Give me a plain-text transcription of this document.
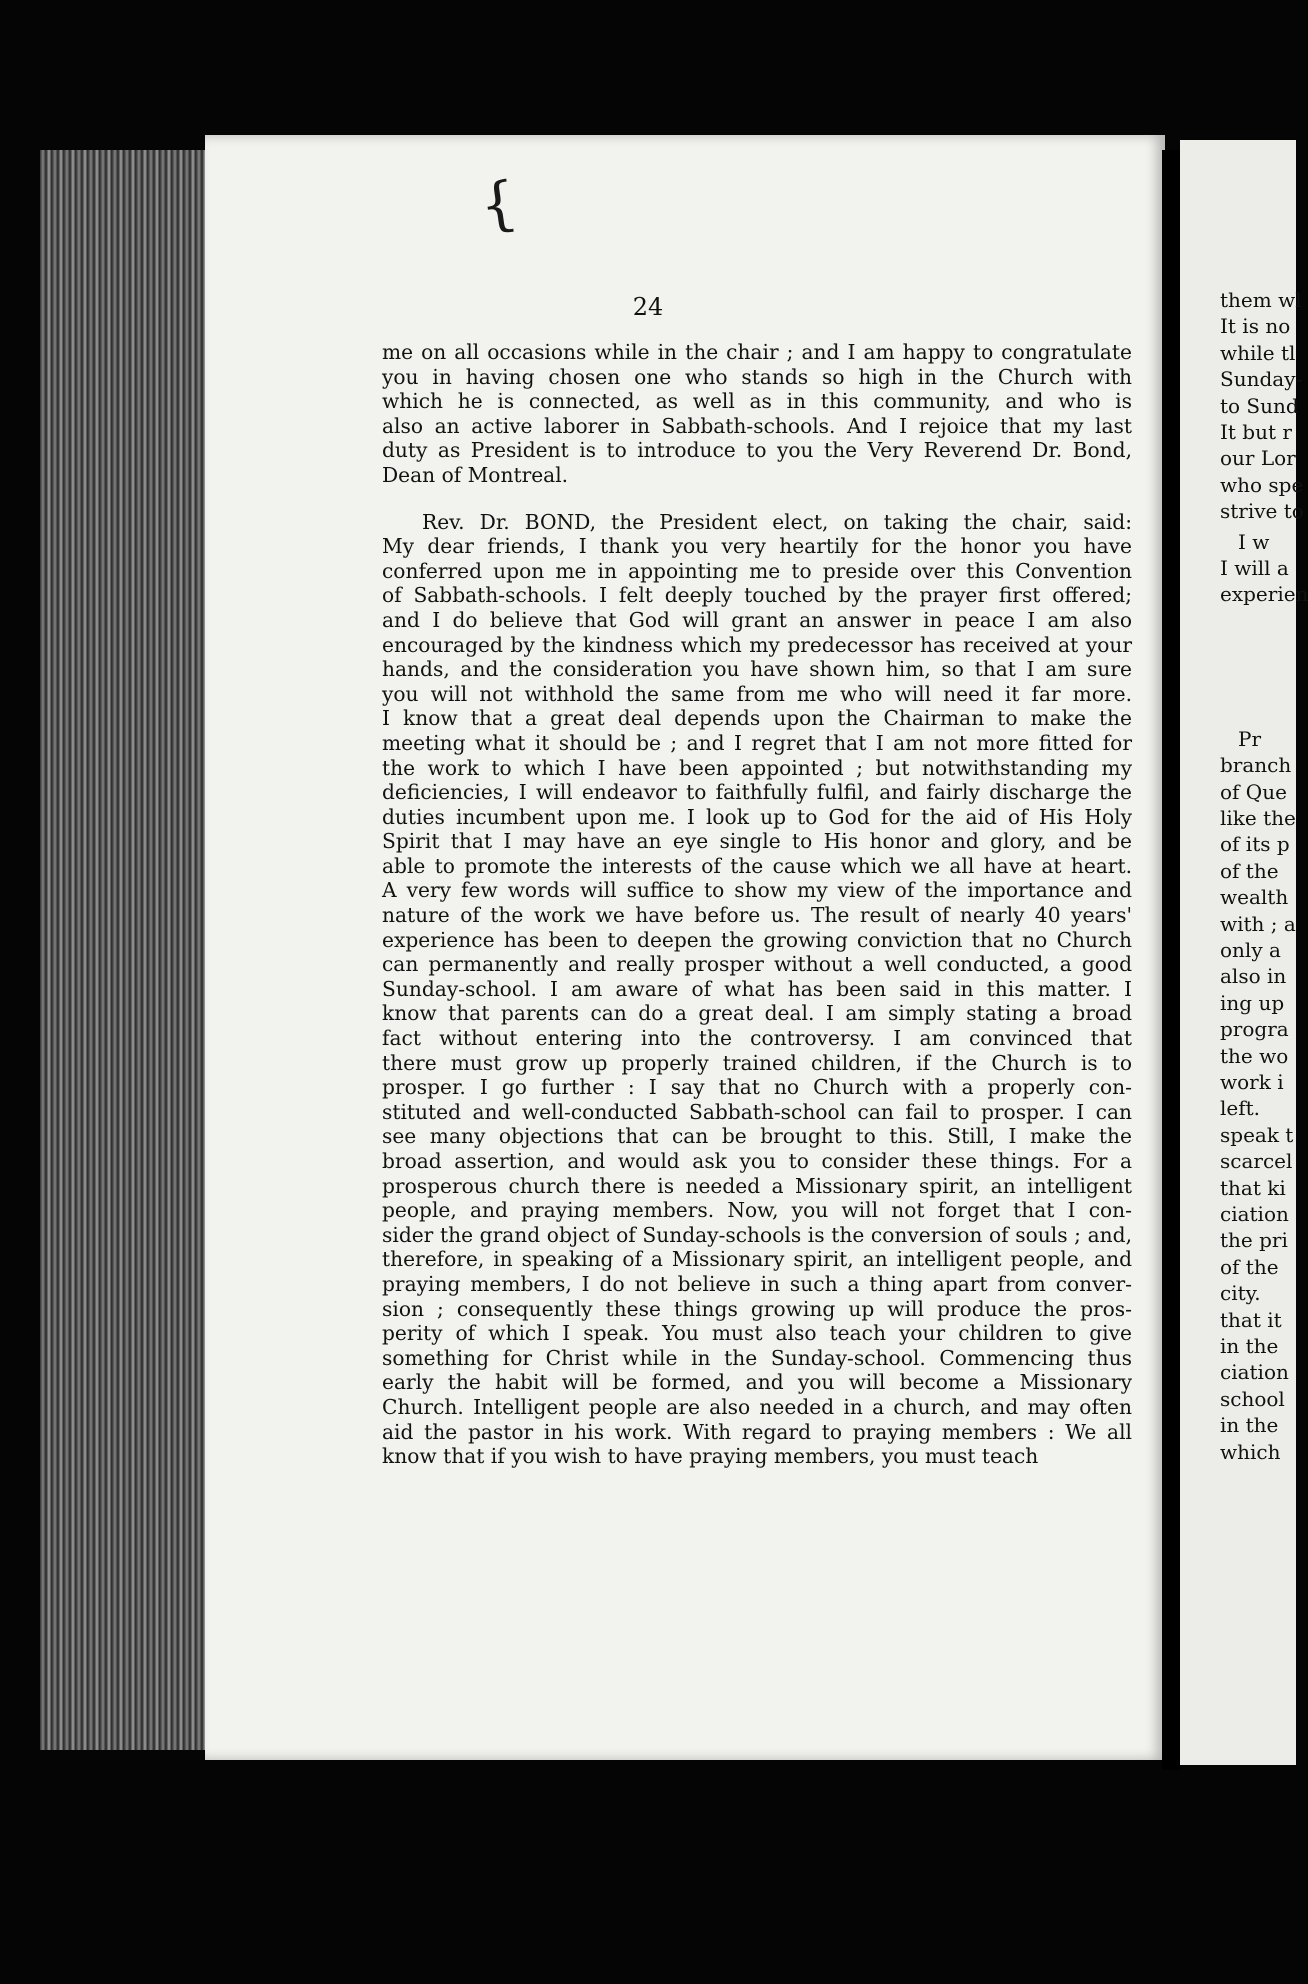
{
24
me on all occasions while in the chair ; and I am happy to congratulate
you in having chosen one who stands so high in the Church with
which he is connected, as well as in this community, and who is
also an active laborer in Sabbath-schools. And I rejoice that my last
duty as President is to introduce to you the Very Reverend Dr. Bond,
Dean of Montreal.
Rev. Dr. BOND, the President elect, on taking the chair, said:
My dear friends, I thank you very heartily for the honor you have
conferred upon me in appointing me to preside over this Convention
of Sabbath-schools. I felt deeply touched by the prayer first offered;
and I do believe that God will grant an answer in peace I am also
encouraged by the kindness which my predecessor has received at your
hands, and the consideration you have shown him, so that I am sure
you will not withhold the same from me who will need it far more.
I know that a great deal depends upon the Chairman to make the
meeting what it should be ; and I regret that I am not more fitted for
the work to which I have been appointed ; but notwithstanding my
deficiencies, I will endeavor to faithfully fulfil, and fairly discharge the
duties incumbent upon me. I look up to God for the aid of His Holy
Spirit that I may have an eye single to His honor and glory, and be
able to promote the interests of the cause which we all have at heart.
A very few words will suffice to show my view of the importance and
nature of the work we have before us. The result of nearly 40 years'
experience has been to deepen the growing conviction that no Church
can permanently and really prosper without a well conducted, a good
Sunday-school. I am aware of what has been said in this matter. I
know that parents can do a great deal. I am simply stating a broad
fact without entering into the controversy. I am convinced that
there must grow up properly trained children, if the Church is to
prosper. I go further : I say that no Church with a properly con-
stituted and well-conducted Sabbath-school can fail to prosper. I can
see many objections that can be brought to this. Still, I make the
broad assertion, and would ask you to consider these things. For a
prosperous church there is needed a Missionary spirit, an intelligent
people, and praying members. Now, you will not forget that I con-
sider the grand object of Sunday-schools is the conversion of souls ; and,
therefore, in speaking of a Missionary spirit, an intelligent people, and
praying members, I do not believe in such a thing apart from conver-
sion ; consequently these things growing up will produce the pros-
perity of which I speak. You must also teach your children to give
something for Christ while in the Sunday-school. Commencing thus
early the habit will be formed, and you will become a Missionary
Church. Intelligent people are also needed in a church, and may often
aid the pastor in his work. With regard to praying members : We all
know that if you wish to have praying members, you must teach
them wl
It is no
while tl
Sunday-
to Sund
It but r
our Lor
who spe
strive to
I w
I will a
experien
Pr
branch
of Que
like the
of its p
of the
wealth
with ; a
only a
also in
ing up
progra
the wo
work i
left.
speak t
scarcel
that ki
ciation
the pri
of the
city.
that it
in the
ciation
school
in the
which
